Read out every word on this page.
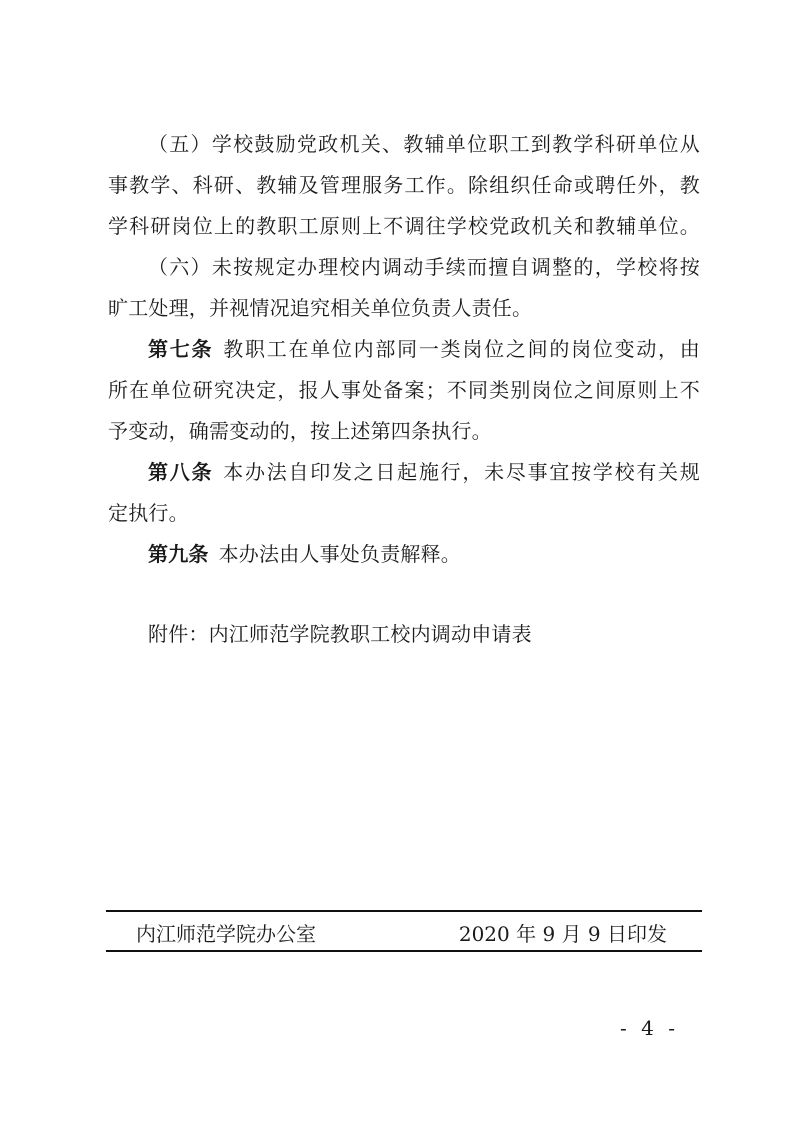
（五）学校鼓励党政机关、教辅单位职工到教学科研单位从
事教学、科研、教辅及管理服务工作。除组织任命或聘任外，教
学科研岗位上的教职工原则上不调往学校党政机关和教辅单位。
（六）未按规定办理校内调动手续而擅自调整的，学校将按
旷工处理，并视情况追究相关单位负责人责任。
第七条 教职工在单位内部同一类岗位之间的岗位变动，由
所在单位研究决定，报人事处备案；不同类别岗位之间原则上不
予变动，确需变动的，按上述第四条执行。
第八条 本办法自印发之日起施行，未尽事宜按学校有关规
定执行。
第九条 本办法由人事处负责解释。
附件：内江师范学院教职工校内调动申请表
内江师范学院办公室	2020 年 9 月 9 日印发
- 4 -
